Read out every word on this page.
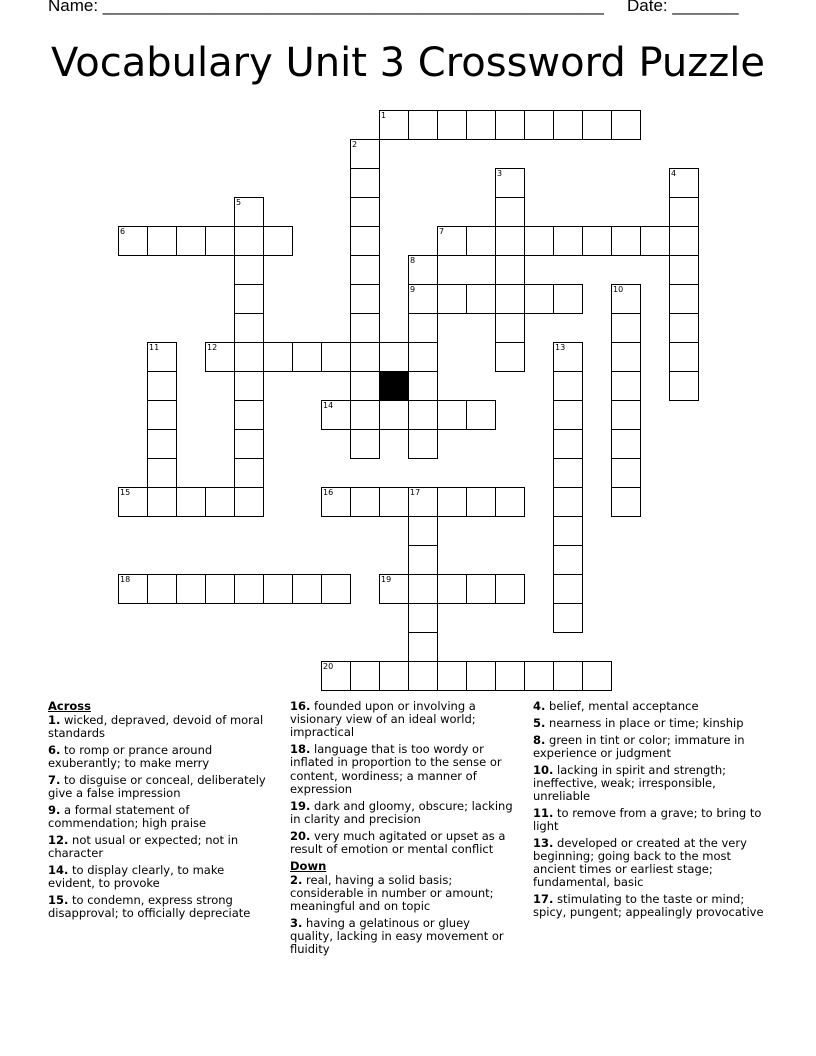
Name: _____________________________________________________ Date: _______
Vocabulary Unit 3 Crossword Puzzle
1
2
3	4
5
6	7
8
9	10
11	12	13
14
15	16	17
18	19
20
Across
1. wicked, depraved, devoid of moral standards
6. to romp or prance around exuberantly; to make merry
7. to disguise or conceal, deliberately give a false impression
9. a formal statement of commendation; high praise
12. not usual or expected; not in character
14. to display clearly, to make evident, to provoke
15. to condemn, express strong disapproval; to officially depreciate
16. founded upon or involving a visionary view of an ideal world; impractical
18. language that is too wordy or inflated in proportion to the sense or content, wordiness; a manner of expression
19. dark and gloomy, obscure; lacking in clarity and precision
20. very much agitated or upset as a result of emotion or mental conflict
Down
2. real, having a solid basis; considerable in number or amount; meaningful and on topic
3. having a gelatinous or gluey quality, lacking in easy movement or fluidity
4. belief, mental acceptance
5. nearness in place or time; kinship
8. green in tint or color; immature in experience or judgment
10. lacking in spirit and strength; ineffective, weak; irresponsible, unreliable
11. to remove from a grave; to bring to light
13. developed or created at the very beginning; going back to the most ancient times or earliest stage; fundamental, basic
17. stimulating to the taste or mind; spicy, pungent; appealingly provocative
